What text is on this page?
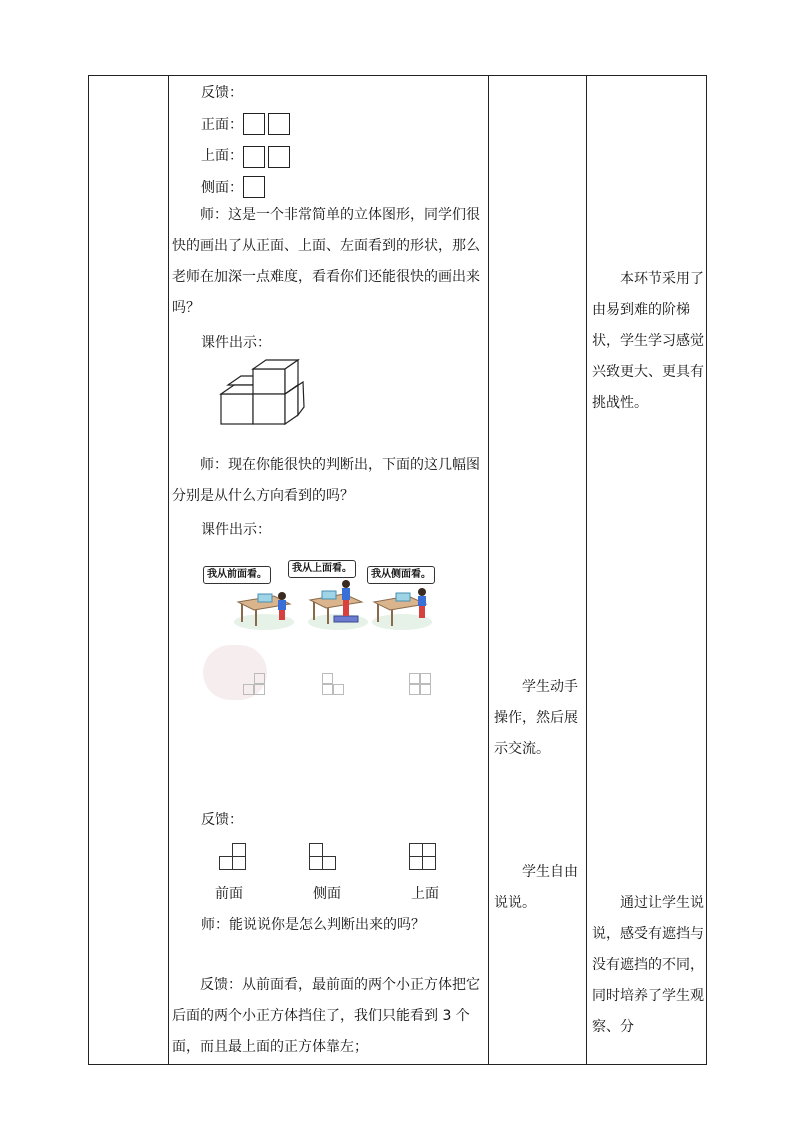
反馈：
正面：
上面：
侧面：
师：这是一个非常简单的立体图形，同学们很快的画出了从正面、上面、左面看到的形状，那么老师在加深一点难度，看看你们还能很快的画出来吗？
课件出示：
师：现在你能很快的判断出，下面的这几幅图分别是从什么方向看到的吗？
课件出示：
我从前面看。
我从上面看。
我从侧面看。
反馈：
前面	侧面	上面
师：能说说你是怎么判断出来的吗？
反馈：从前面看，最前面的两个小正方体把它后面的两个小正方体挡住了，我们只能看到 3 个面，而且最上面的正方体靠左；
学生动手操作，然后展示交流。
学生自由说说。
本环节采用了由易到难的阶梯状，学生学习感觉兴致更大、更具有挑战性。
通过让学生说说，感受有遮挡与没有遮挡的不同，同时培养了学生观察、分
